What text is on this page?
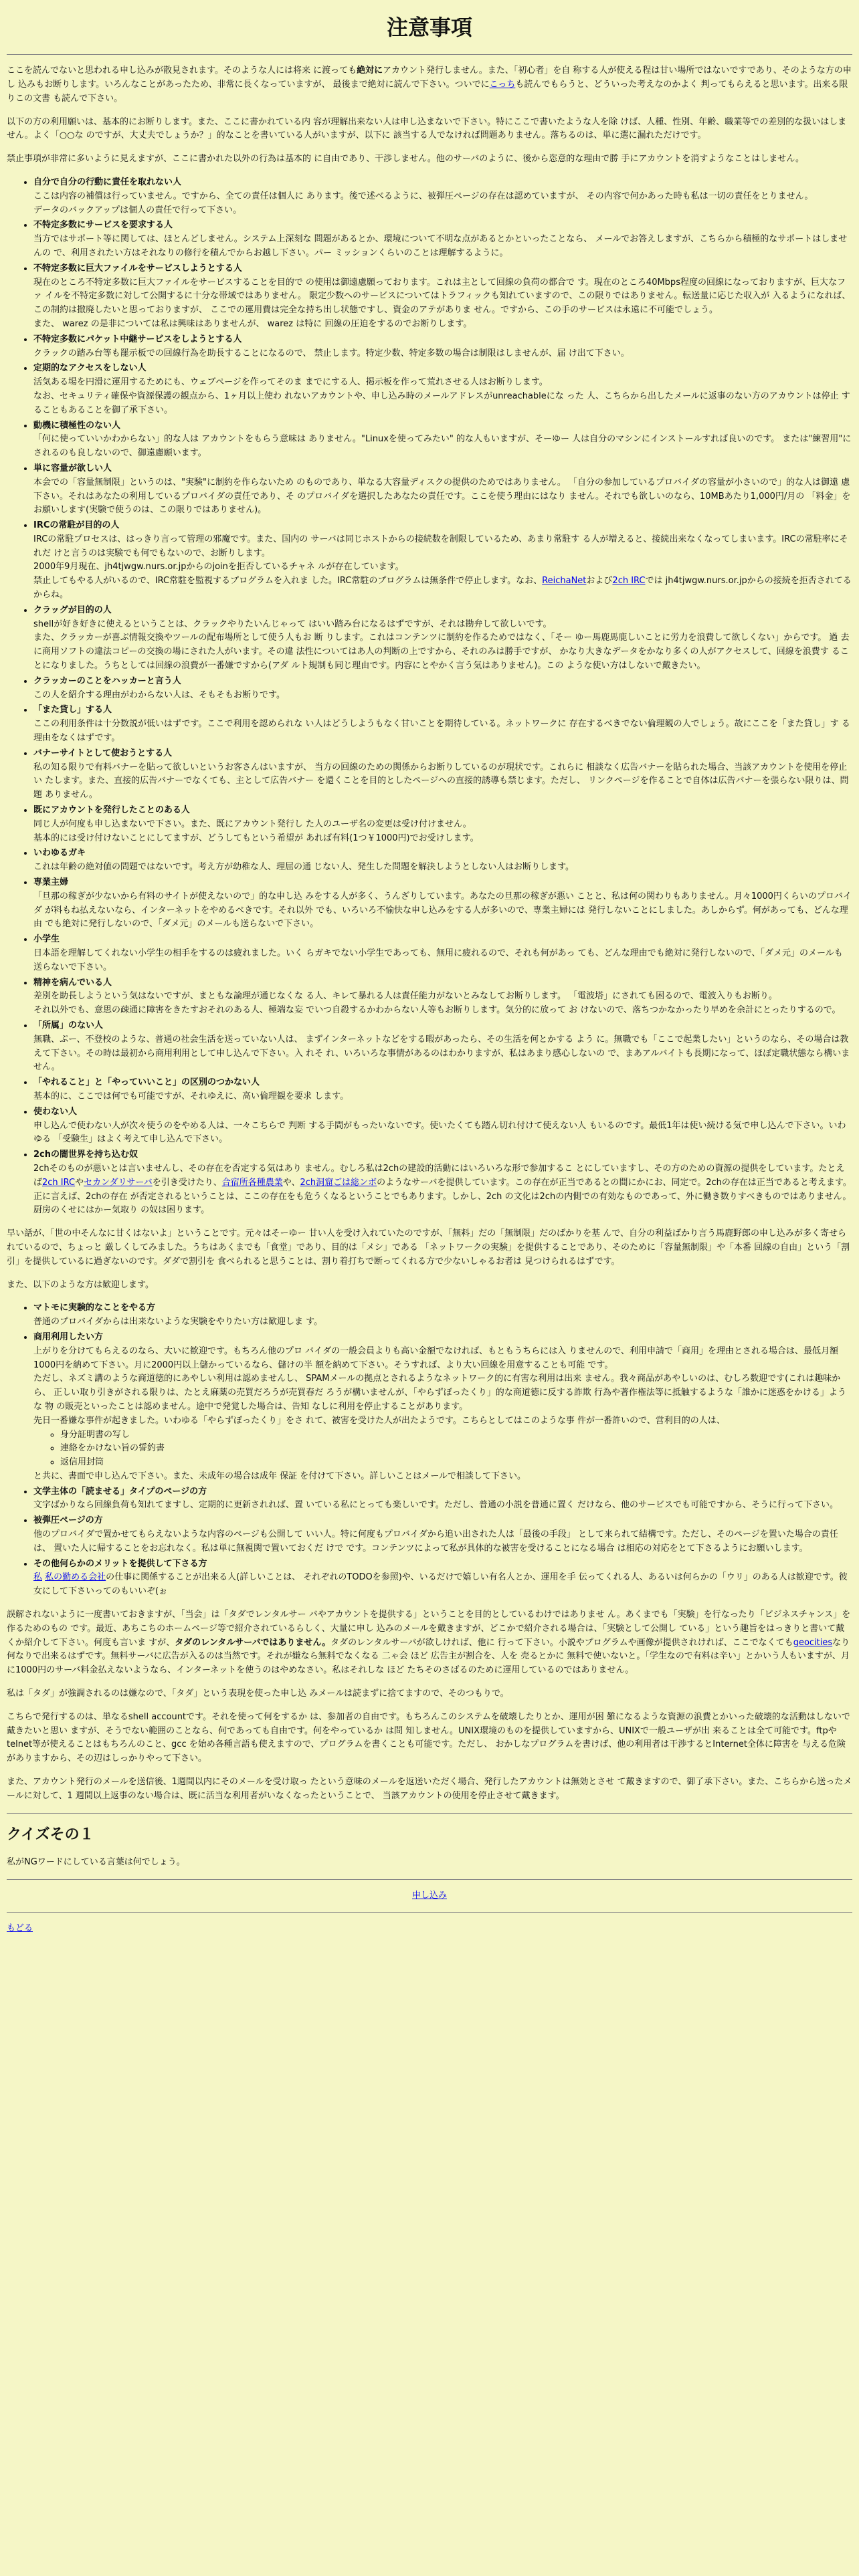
注意事項

ここを読んでないと思われる申し込みが散見されます。そのような人には将来 に渡っても絶対にアカウント発行しません。また、「初心者」を自 称する人が使える程は甘い場所ではないですであり、そのような方の申し 込みもお断りします。いろんなことがあったため、非常に長くなっていますが、 最後まで絶対に読んで下さい。ついでにこっちも読んでもらうと、どういった考えなのかよく 判ってもらえると思います。出来る限りこの文書 も読んで下さい。

以下の方の利用願いは、基本的にお断りします。また、ここに書かれている内 容が理解出来ない人は申し込まないで下さい。特にここで書いたような人を除 けば、人種、性別、年齢、職業等での差別的な扱いはしません。よく「○○な のですが、大丈夫でしょうか？」的なことを書いている人がいますが、以下に 該当する人でなければ問題ありません。落ちるのは、単に選に漏れただけです。

禁止事項が非常に多いように見えますが、ここに書かれた以外の行為は基本的 に自由であり、干渉しません。他のサーバのように、後から恣意的な理由で勝 手にアカウントを消すようなことはしません。

• 自分で自分の行動に責任を取れない人
ここは内容の補償は行っていません。ですから、全ての責任は個人に あります。後で述べるように、被弾圧ページの存在は認めていますが、 その内容で何かあった時も私は一切の責任をとりません。
データのバックアップは個人の責任で行って下さい。
• 不特定多数にサービスを要求する人
当方ではサポート等に関しては、ほとんどしません。システム上深刻な 問題があるとか、環境について不明な点があるとかといったことなら、 メールでお答えしますが、こちらから積極的なサポートはしませんの で、利用されたい方はそれなりの修行を積んでからお越し下さい。パー ミッションくらいのことは理解するように。
• 不特定多数に巨大ファイルをサービスしようとする人
現在のところ不特定多数に巨大ファイルをサービスすることを目的で の使用は御遠慮願っております。これは主として回線の負荷の都合で す。現在のところ40Mbps程度の回線になっておりますが、巨大なファ イルを不特定多数に対して公開するに十分な帯域ではありません。 限定少数へのサービスについてはトラフィックも知れていますので、この限りではありません。転送量に応じた収入が 入るようになれば、この制約は撤廃したいと思っておりますが、 ここでの運用費は完全な持ち出し状態ですし、資金のアテがありま せん。ですから、この手のサービスは永遠に不可能でしょう。
また、 warez の是非については私は興味はありませんが、 warez は特に 回線の圧迫をするのでお断りします。
• 不特定多数にパケット中継サービスをしようとする人
クラックの踏み台等も罷示板での回線行為を助長することになるので、 禁止します。特定少数、特定多数の場合は制限はしませんが、届 け出て下さい。
• 定期的なアクセスをしない人
活気ある場を円滑に運用するためにも、ウェブページを作ってそのま までにする人、掲示板を作って荒れさせる人はお断りします。
なお、セキュリティ確保や資源保護の観点から、1ヶ月以上使わ れないアカウントや、申し込み時のメールアドレスがunreachableにな った 人、こちらから出したメールに返事のない方のアカウントは停止 することもあることを御了承下さい。
• 動機に積極性のない人
「何に使っていいかわからない」的な人は アカウントをもらう意味は ありません。"Linuxを使ってみたい" 的な人もいますが、そーゆー 人は自分のマシンにインストールすれば良いのです。 または"練習用"にされるのも良しないので、御遠慮願います。
• 単に容量が欲しい人
本会での「容量無制限」というのは、"実験"に制約を作らないため のものであり、単なる大容量ディスクの提供のためではありません。 「自分の参加しているプロバイダの容量が小さいので」的な人は御遠 慮下さい。それはあなたの利用しているプロバイダの責任であり、そ のプロバイダを選択したあなたの責任です。ここを使う理由にはなり ません。それでも欲しいのなら、10MBあたり1,000円/月の 「料金」をお願いします(実験で使うのは、この限りではありません)。
• IRCの常駐が目的の人
IRCの常駐プロセスは、はっきり言って管理の邪魔です。また、国内の サーバは同じホストからの接続数を制限しているため、あまり常駐す る人が増えると、接続出来なくなってしまいます。IRCの常駐率にそれだ けと言うのは実験でも何でもないので、お断りします。
2000年9月現在、jh4tjwgw.nurs.or.jpからのjoinを拒否しているチャネ ルが存在しています。
禁止してもやる人がいるので、IRC常駐を監視するプログラムを入れま した。IRC常駐のプログラムは無条件で停止します。なお、ReichaNetおよび2ch IRCでは jh4tjwgw.nurs.or.jpからの接続を拒否されてるからね。
• クラッグが目的の人
shellが好き好きに使えるということは、クラックやりたいんじゃって はいい踏み台になるはずですが、それは勘弁して欲しいです。
また、クラッカーが喜ぶ情報交換やツールの配布場所として使う人もお 断 りします。これはコンテンツに制約を作るためではなく、「そー ゆー馬鹿馬鹿しいことに労力を浪費して欲しくない」からです。 過 去に商用ソフトの違法コピーの交換の場にされた人がいます。その違 法性についてはあ人の判断の上ですから、それのみは勝手ですが、 かなり大きなデータをかなり多くの人がアクセスして、回線を浪費す ることになりました。うちとしては回線の浪費が一番嫌ですから(アダ ルト規制も同じ理由です。内容にとやかく言う気はありません)。この ような使い方はしないで戴きたい。
• クラッカーのことをハッカーと言う人
この人を紹介する理由がわからない人は、そもそもお断りです。
• 「また貸し」する人
ここの利用条件は十分数説が低いはずです。ここで利用を認められな い人はどうしようもなく甘いことを期待している。ネットワークに 存在するべきでない倫理観の人でしょう。故にここを「また貸し」す る理由をなくはずです。
• バナーサイトとして使おうとする人
私の知る限りで有料バナーを貼って欲しいというお客さんはいますが、 当方の回線のための関係からお断りしているのが現状です。これらに 相談なく広告バナーを貼られた場合、当該アカウントを使用を停止い たします。また、直接的広告バナーでなくても、主として広告バナー を還くことを目的としたページへの直接的誘導も禁じます。ただし、 リンクページを作ることで自体は広告バナーを張らない限りは、問題 ありません。
• 既にアカウントを発行したことのある人
同じ人が何度も申し込まないで下さい。また、既にアカウント発行し た人のユーザ名の変更は受け付けません。
基本的には受け付けないことにしてますが、どうしてもという希望が あれば有料(1つ￥1000円)でお受けします。
• いわゆるガキ
これは年齢の絶対値の問題ではないです。考え方が幼稚な人、理屈の通 じない人、発生した問題を解決しようとしない人はお断りします。
• 専業主婦
「旦那の稼ぎが少ないから有料のサイトが使えないので」的な申し込 みをする人が多く、うんざりしています。あなたの旦那の稼ぎが悪い ことと、私は何の関わりもありません。月々1000円くらいのプロバイダ が料もね払えないなら、インターネットをやめるべきです。それ以外 でも、いろいろ不愉快な申し込みをする人が多いので、専業主婦には 発行しないことにしました。あしからず。何があっても、どんな理由 でも絶対に発行しないので、「ダメ元」のメールも送らないで下さい。
• 小学生
日本語を理解してくれない小学生の相手をするのは疲れました。いく らガキでない小学生であっても、無用に疲れるので、それも何があっ ても、どんな理由でも絶対に発行しないので、「ダメ元」のメールも 送らないで下さい。
• 精神を病んでいる人
差別を助長しようという気はないですが、まともな論理が通じなくな る人、キレて暴れる人は責任能力がないとみなしてお断りします。 「電波塔」にされても困るので、電波入りもお断り。
それ以外でも、意思の疎通に障害をきたすおそれのある人、極端な妄 でいつ自殺するかわからない人等もお断りします。気分的に放って お けないので、落ちつかなかったり早めを余計にとったりするので。
• 「所属」のない人
無職、ぷー、不登校のような、普通の社会生活を送っていない人は、 まずインターネットなどをする暇があったら、その生活を何とかする よう に。無職でも「ここで起業したい」というのなら、その場合は教 えて下さい。その時は最初から商用利用として申し込んで下さい。入 れそ れ、いろいろな事情があるのはわかりますが、私はあまり感心しないの で、まあアルバイトも長期になって、ほぼ定職状態なら構いません。
• 「やれること」と「やっていいこと」の区別のつかない人
基本的に、ここでは何でも可能ですが、それゆえに、高い倫理観を要求 します。
• 使わない人
申し込んで使わない人が次々使うのをやめる人は、一々こちらで 判断 する手間がもったいないです。使いたくても踏ん切れ付けて使えない人 もいるのです。最低1年は使い続ける気で申し込んで下さい。いわゆる 「受験生」はよく考えて申し込んで下さい。
• 2chの闇世界を持ち込む奴
2chそのものが悪いとは言いませんし、その存在を否定する気はあり ません。むしろ私は2chの建設的活動にはいろいろな形で参加するこ とにしていますし、その方のための資源の提供をしています。たとえば2ch IRCやセカンダリサーバを引き受けたり、合宿所各種農業や、2ch洞窟ごは総ンボのようなサーバを提供しています。この存在が正当であるとの間にかにお、同定で。2chの存在は正当であると考えます。正に言えば、2chの存在 が否定されるということは、ここの存在をも危うくなるということでもあります。しかし、2ch の文化は2chの内側での有効なものであって、外に働き数りすべきものではありません。厨房のくせにはかー気取り の奴は困ります。

早い話が、「世の中そんなに甘くはないよ」ということです。元々はそーゆー 甘い人を受け入れていたのですが、「無料」だの「無制限」だのばかりを基 んで、自分の利益ばかり言う馬鹿野郎の申し込みが多く寄せられているので、ちょっと 厳しくしてみました。うちはあくまでも「食堂」であり、目的は「メシ」である 「ネットワークの実験」を提供することであり、そのために「容量無制限」や「本番 回線の自由」という「割引」を提供しているに過ぎないのです。ダダで割引を 食べられると思うことは、割り着打ちで断ってくれる方で少ないしゃるお者は 見つけられるはずです。

また、以下のような方は歓迎します。

• マトモに実験的なことをやる方
普通のプロバイダからは出来ないような実験をやりたい方は歓迎しま す。
• 商用利用したい方
上がりを分けてもらえるのなら、大いに歓迎です。もちろん他のプロ バイダの一般会員よりも高い金額でなければ、もともうちらには入 りませんので、利用申請で「商用」を理由とされる場合は、最低月額 1000円を納めて下さい。月に2000円以上儲かっているなら、儲けの半 額を納めて下さい。そうすれば、より大い回線を用意することも可能 です。
ただし、ネズミ講のような商道徳的にあやしい利用は認めませんし、 SPAMメールの拠点とされるようなネットワーク的に有害な利用は出来 ません。我々商品があやしいのは、むしろ数迎です(これは趣味から、 正しい取り引きがされる限りは、たとえ麻薬の売買だろうが売買春だ ろうが構いませんが、「やらずぼったくり」的な商道徳に反する詐欺 行為や著作権法等に抵触するような「誰かに迷惑をかける」ような 物 の販売といったことは認めません。途中で発覚した場合は、告知 なしに利用を停止することがあります。
先日一番嫌な事件が起きました。いわゆる「やらずぼったくり」をさ れて、被害を受けた人が出たようです。こちらとしてはこのような事 件が一番許いので、営利目的の人は、
◦ 身分証明書の写し
◦ 連絡をかけない旨の誓約書
◦ 返信用封筒
と共に、書面で申し込んで下さい。また、未成年の場合は成年 保証 を付けて下さい。詳しいことはメールで相談して下さい。
• 文学主体の「読ませる」タイプのページの方
文字ばかりなら回線負荷も知れてますし、定期的に更新されれば、置 いている私にとっても楽しいです。ただし、普通の小説を普通に置く だけなら、他のサービスでも可能ですから、そうに行って下さい。
• 被弾圧ページの方
他のプロバイダで置かせてもらえないような内容のページも公開して いい人。特に何度もプロバイダから追い出された人は「最後の手段」 として来られて結構です。ただし、そのページを置いた場合の責任は、 置いた人に帰することをお忘れなく。私は単に無視関で置いておくだ けで です。コンテンツによって私が具体的な被害を受けることになる場合 は相応の対応をとて下さるようにお願いします。
• その他何らかのメリットを提供して下さる方
私 私の勤める会社の仕事に関係することが出来る人(詳しいことは、 それぞれのTODOを参照)や、いるだけで嬉しい有名人とか、運用を手 伝ってくれる人、あるいは何らかの「ウリ」のある人は歓迎です。彼 女にして下さいってのもいいぞ(ぉ

誤解されないように一度書いておきますが、「当会」は「タダでレンタルサー バやアカウントを提供する」ということを目的としているわけではありませ ん。あくまでも「実験」を行なったり「ビジネスチャンス」を作るためのもの です。最近、あちこちのホームページ等で紹介されているらしく、大量に申し 込みのメールを戴きますが、どこかで紹介される場合は、「実験として公開し ている」という趣旨をはっきりと書いて戴くか紹介して下さい。何度も言いま すが、タダのレンタルサーバではありません。タダのレンタルサーバが欲しければ、他に 行って下さい。小説やプログラムや画像が提供されければ、ここでなくてもgeocitiesなり何なりで出来るはずです。無料サーバに広告が入るのは当然です。それが嫌なら無料でなくなる 二ゃ会 ほど 広告主が割合を、人を 売るとかに 無料で使いないと。「学生なので有料は辛い」とかいう人もいますが、月に1000円のサーバ料金払えないようなら、インターネットを使うのはやめなさい。私はそれしな ほど たちそのさばるのために運用しているのではありません。

私は「タダ」が強調されるのは嫌なので、「タダ」という表現を使った申し込 みメールは読まずに捨てますので、そのつもりで。

こちらで発行するのは、単なるshell accountです。それを使って何をするか は、参加者の自由です。もちろんこのシステムを破壊したりとか、運用が困 難になるような資源の浪費とかいった破壊的な活動はしないで戴きたいと思い ますが、そうでない範囲のことなら、何であっても自由です。何をやっているか は問 知しません。UNIX環境のものを提供していますから、UNIXで一般ユーザが出 来ることは全て可能です。ftpやtelnet等が使えることはもちろんのこと、gcc を始め各種言語も使えますので、プログラムを書くことも可能です。ただし、 おかしなプログラムを書けば、他の利用者は干渉するとInternet全体に障害を 与える危険がありますから、その辺はしっかりやって下さい。

また、アカウント発行のメールを送信後、1週間以内にそのメールを受け取っ たという意味のメールを返送いただく場合、発行したアカウントは無効とさせ て戴きますので、御了承下さい。また、こちらから送ったメールに対して、1 週間以上返事のない場合は、既に活当な利用者がいなくなったということで、 当該アカウントの使用を停止させて戴きます。

クイズその１

私がNGワードにしている言葉は何でしょう。

申し込み

もどる
